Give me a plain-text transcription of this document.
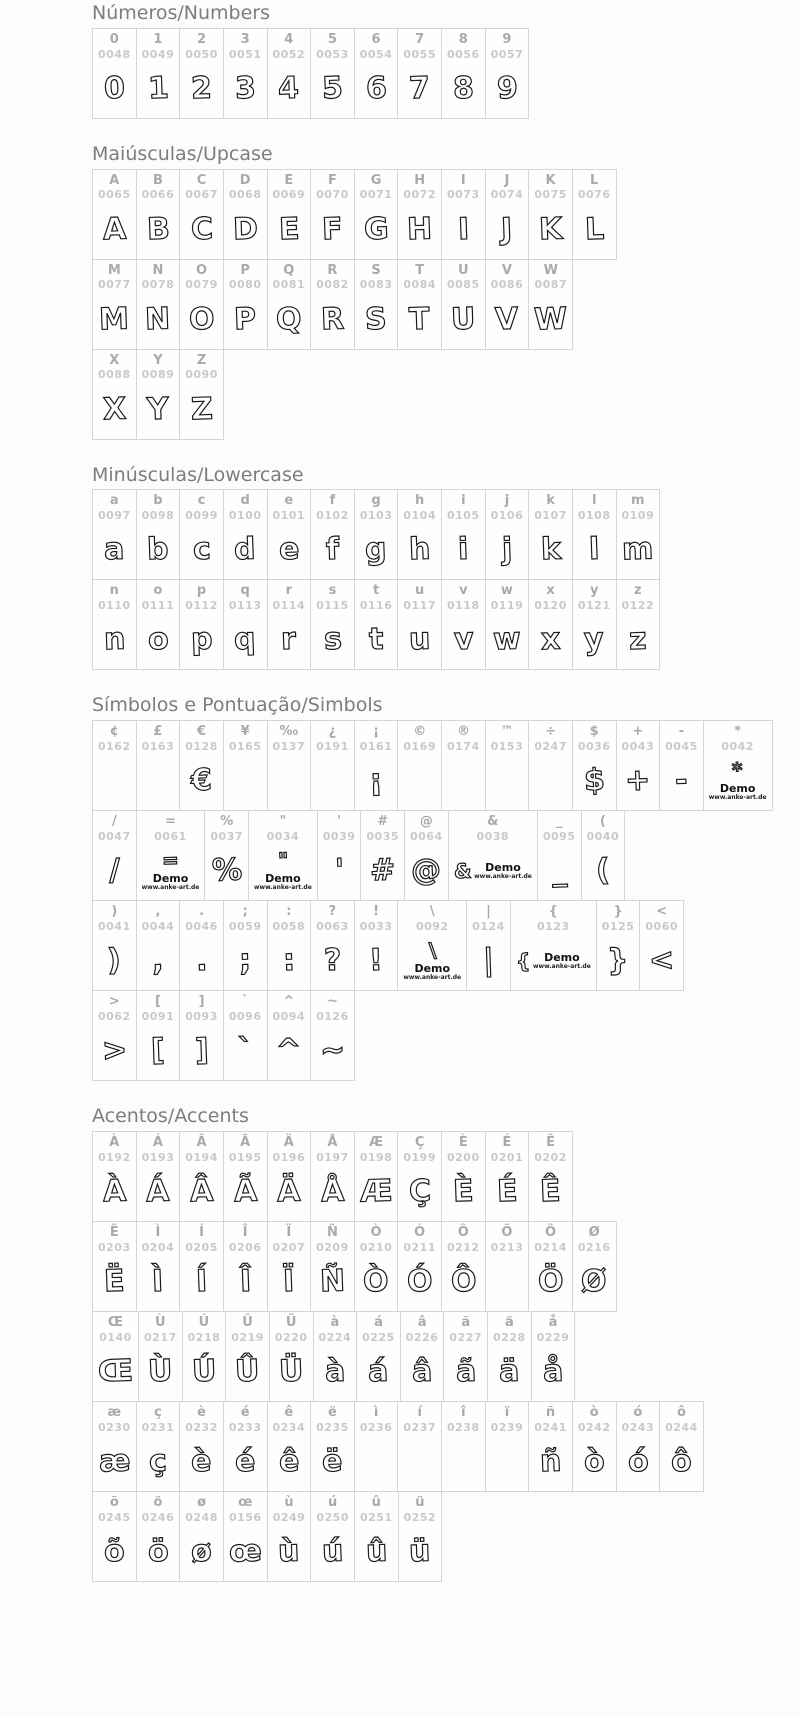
Números/Numbers
0
0048
0
1
0049
1
2
0050
2
3
0051
3
4
0052
4
5
0053
5
6
0054
6
7
0055
7
8
0056
8
9
0057
9
Maiúsculas/Upcase
A
0065
A
B
0066
B
C
0067
C
D
0068
D
E
0069
E
F
0070
F
G
0071
G
H
0072
H
I
0073
I
J
0074
J
K
0075
K
L
0076
L
M
0077
M
N
0078
N
O
0079
O
P
0080
P
Q
0081
Q
R
0082
R
S
0083
S
T
0084
T
U
0085
U
V
0086
V
W
0087
W
X
0088
X
Y
0089
Y
Z
0090
Z
Minúsculas/Lowercase
a
0097
a
b
0098
b
c
0099
c
d
0100
d
e
0101
e
f
0102
f
g
0103
g
h
0104
h
i
0105
i
j
0106
j
k
0107
k
l
0108
l
m
0109
m
n
0110
n
o
0111
o
p
0112
p
q
0113
q
r
0114
r
s
0115
s
t
0116
t
u
0117
u
v
0118
v
w
0119
w
x
0120
x
y
0121
y
z
0122
z
Símbolos e Pontuação/Simbols
¢
0162
£
0163
€
0128
€
¥
0165
‰
0137
¿
0191
¡
0161
¡
©
0169
®
0174
™
0153
÷
0247
$
0036
$
+
0043
+
-
0045
-
*
0042
*
Demo
www.anke-art.de
/
0047
/
=
0061
=
Demo
www.anke-art.de
%
0037
%
"
0034
"
Demo
www.anke-art.de
'
0039
'
#
0035
#
@
0064
@
&
0038
& Demo
www.anke-art.de
_
0095
_
(
0040
(
)
0041
)
,
0044
,
.
0046
.
;
0059
;
:
0058
:
?
0063
?
!
0033
!
\
0092
\
Demo
www.anke-art.de
|
0124
|
{
0123
{ Demo
www.anke-art.de
}
0125
}
<
0060
<
>
0062
>
[
0091
[
]
0093
]
`
0096
`
^
0094
^
~
0126
~
Acentos/Accents
À
0192
À
Á
0193
Á
Â
0194
Â
Ã
0195
Ã
Ä
0196
Ä
Å
0197
Å
Æ
0198
Æ
Ç
0199
Ç
È
0200
È
É
0201
É
Ê
0202
Ê
Ë
0203
Ë
Ì
0204
Ì
Í
0205
Í
Î
0206
Î
Ï
0207
Ï
Ñ
0209
Ñ
Ò
0210
Ò
Ó
0211
Ó
Ô
0212
Ô
Õ
0213
Ö
0214
Ö
Ø
0216
Ø
Œ
0140
Œ
Ù
0217
Ù
Ú
0218
Ú
Û
0219
Û
Ü
0220
Ü
à
0224
à
á
0225
á
â
0226
â
ã
0227
ã
ä
0228
ä
å
0229
å
æ
0230
æ
ç
0231
ç
è
0232
è
é
0233
é
ê
0234
ê
ë
0235
ë
ì
0236
í
0237
î
0238
ï
0239
ñ
0241
ñ
ò
0242
ò
ó
0243
ó
ô
0244
ô
õ
0245
õ
ö
0246
ö
ø
0248
ø
œ
0156
œ
ù
0249
ù
ú
0250
ú
û
0251
û
ü
0252
ü
